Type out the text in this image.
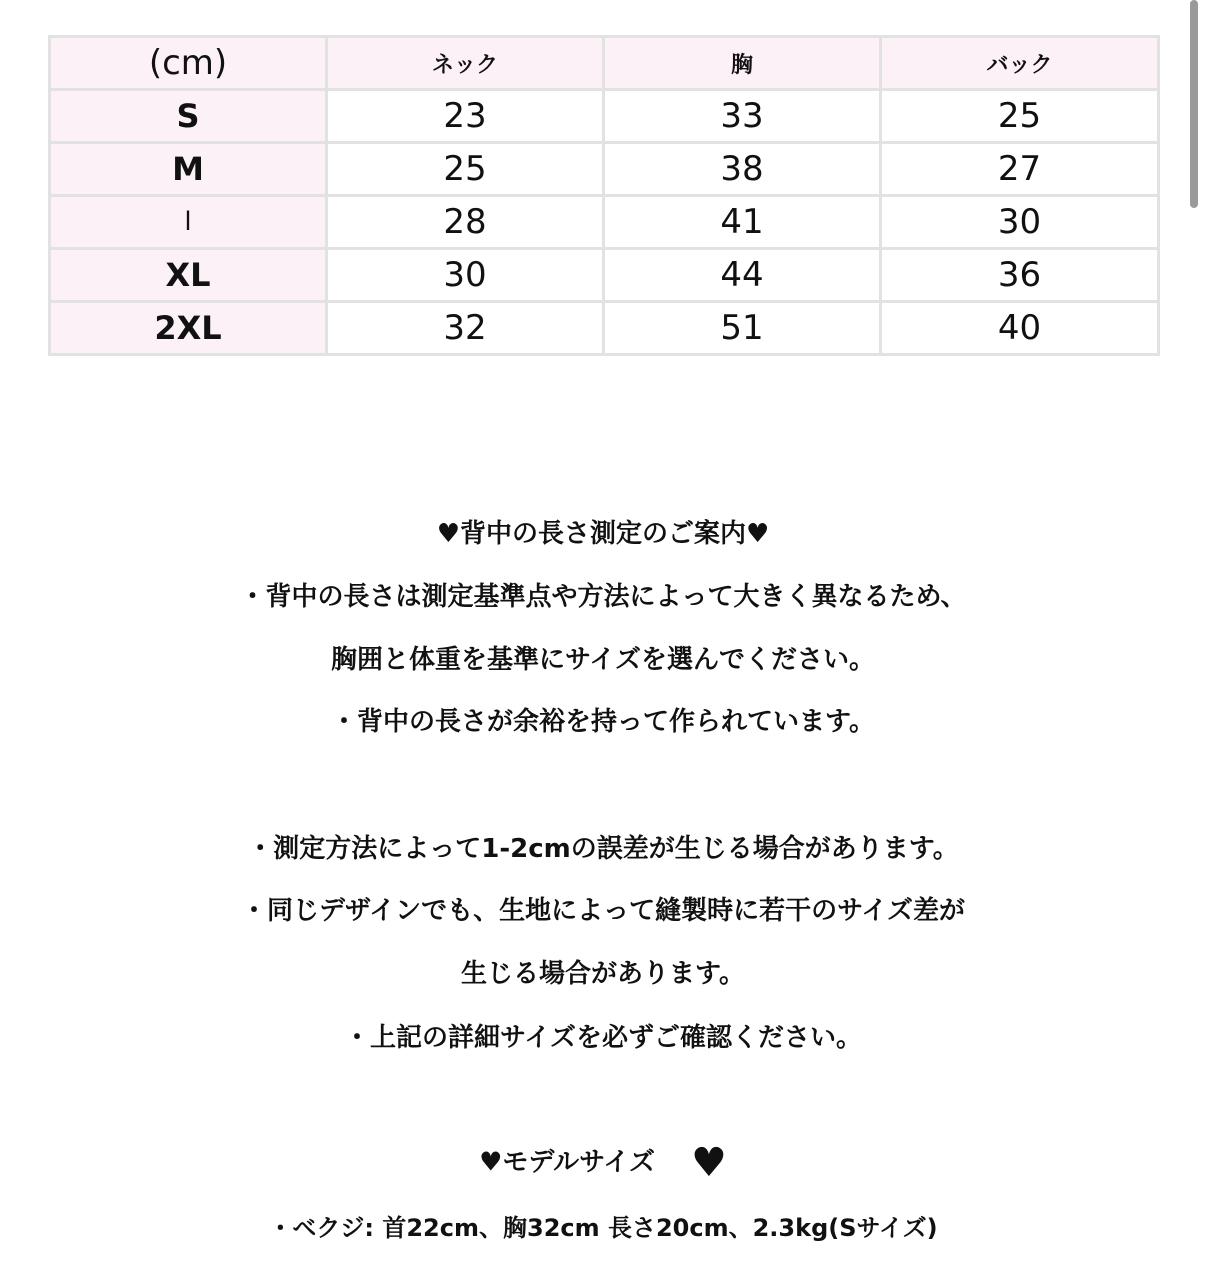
(cm)	ネック	胸	バック
S	23	33	25
M	25	38	27
l	28	41	30
XL	30	44	36
2XL	32	51	40
♥背中の長さ測定のご案内♥
・背中の長さは測定基準点や方法によって大きく異なるため、
胸囲と体重を基準にサイズを選んでください。
・背中の長さが余裕を持って作られています。
・測定方法によって1-2cmの誤差が生じる場合があります。
・同じデザインでも、生地によって縫製時に若干のサイズ差が
生じる場合があります。
・上記の詳細サイズを必ずご確認ください。
♥モデルサイズ ♥
・ベクジ: 首22cm、胸32cm 長さ20cm、2.3kg(Sサイズ)
